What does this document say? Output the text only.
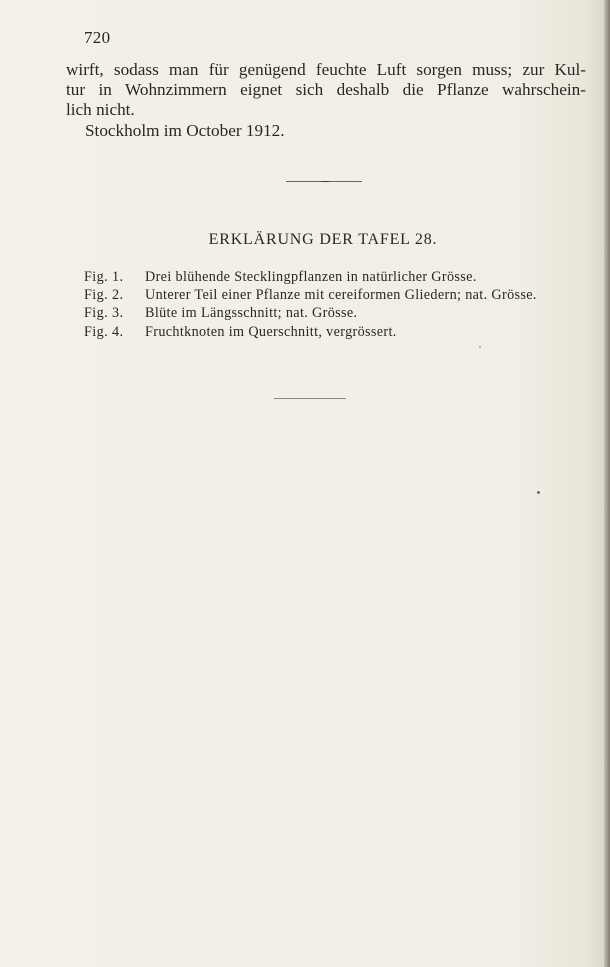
720
wirft, sodass man für genügend feuchte Luft sorgen muss; zur Kul-
tur in Wohnzimmern eignet sich deshalb die Pflanze wahrschein-
lich nicht.
Stockholm im October 1912.
ERKLÄRUNG DER TAFEL 28.
Fig. 1.	Drei blühende Stecklingpflanzen in natürlicher Grösse.
Fig. 2.	Unterer Teil einer Pflanze mit cereiformen Gliedern; nat. Grösse.
Fig. 3.	Blüte im Längsschnitt; nat. Grösse.
Fig. 4.	Fruchtknoten im Querschnitt, vergrössert.
